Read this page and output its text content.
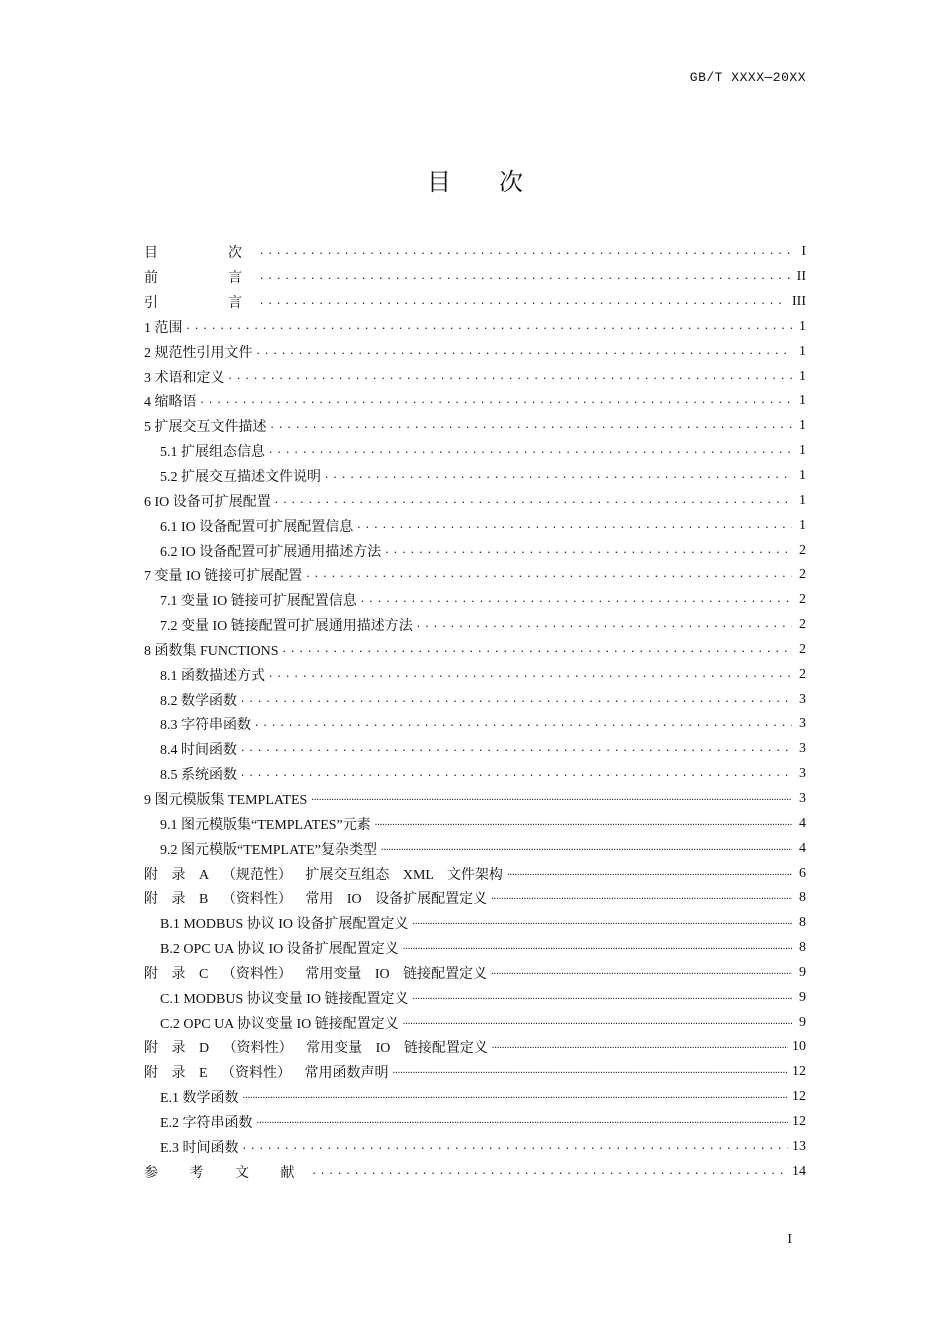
GB/T XXXX—20XX
目 次
目　　次 . . .	I
前　　言 . . .	II
引　　言 . . .	III
1 范围 . . .	1
2 规范性引用文件 . . .	1
3 术语和定义 . . .	1
4 缩略语 . . .	1
5 扩展交互文件描述 . . .	1
5.1 扩展组态信息 . . .	1
5.2 扩展交互描述文件说明 . . .	1
6 IO 设备可扩展配置 . . .	1
6.1 IO 设备配置可扩展配置信息 . . .	1
6.2 IO 设备配置可扩展通用描述方法 . . .	2
7 变量 IO 链接可扩展配置 . . .	2
7.1 变量 IO 链接可扩展配置信息 . . .	2
7.2 变量 IO 链接配置可扩展通用描述方法 . . .	2
8 函数集 FUNCTIONS . . .	2
8.1 函数描述方式 . . .	2
8.2 数学函数 . . .	3
8.3 字符串函数 . . .	3
8.4 时间函数 . . .	3
8.5 系统函数 . . .	3
9 图元模版集 TEMPLATES .....	3
9.1 图元模版集“TEMPLATES”元素 .....	4
9.2 图元模版“TEMPLATE”复杂类型 .....	4
附 录 A （规范性） 扩展交互组态 XML 文件架构 .....	6
附 录 B （资料性） 常用 IO 设备扩展配置定义 .....	8
B.1 MODBUS 协议 IO 设备扩展配置定义 .....	8
B.2 OPC UA 协议 IO 设备扩展配置定义 .....	8
附 录 C （资料性） 常用变量 IO 链接配置定义 .....	9
C.1 MODBUS 协议变量 IO 链接配置定义 .....	9
C.2 OPC UA 协议变量 IO 链接配置定义 .....	9
附 录 D （资料性） 常用变量 IO 链接配置定义 .....	10
附 录 E （资料性） 常用函数声明 .....	12
E.1 数学函数 .....	12
E.2 字符串函数 .....	12
E.3 时间函数 . . .	13
参 考 文 献 . . .	14
I
